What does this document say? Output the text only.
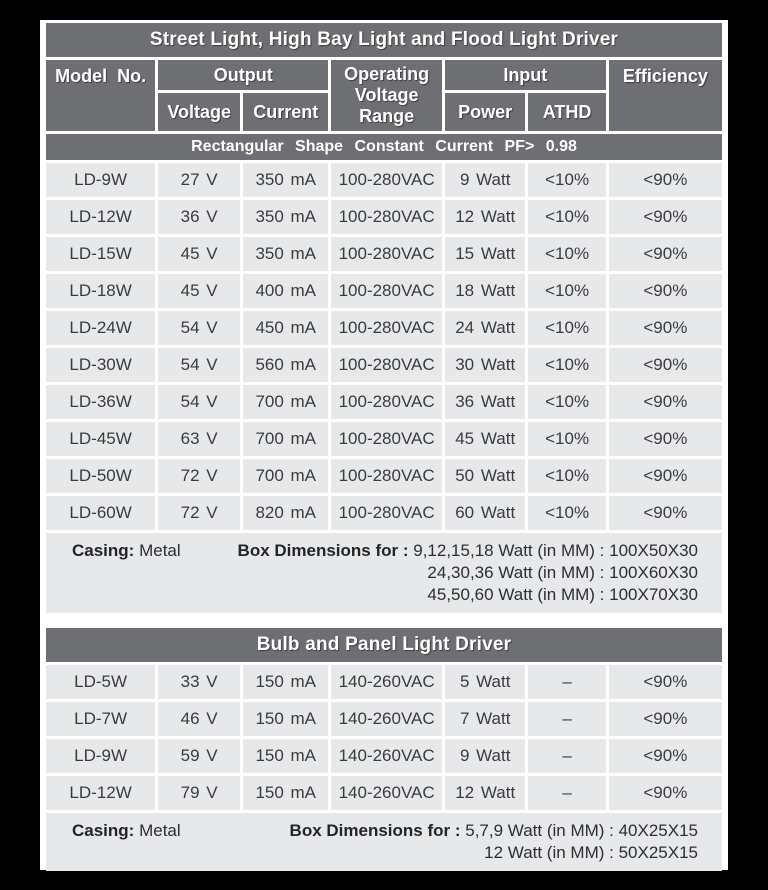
Street Light, High Bay Light and Flood Light Driver						
Model No.	Output		Operating Voltage Range	Input		Efficiency
	Voltage	Current		Power	ATHD	
Rectangular Shape Constant Current PF> 0.98						
LD-9W	27 V	350 mA	100-280VAC	9 Watt	<10%	<90%
LD-12W	36 V	350 mA	100-280VAC	12 Watt	<10%	<90%
LD-15W	45 V	350 mA	100-280VAC	15 Watt	<10%	<90%
LD-18W	45 V	400 mA	100-280VAC	18 Watt	<10%	<90%
LD-24W	54 V	450 mA	100-280VAC	24 Watt	<10%	<90%
LD-30W	54 V	560 mA	100-280VAC	30 Watt	<10%	<90%
LD-36W	54 V	700 mA	100-280VAC	36 Watt	<10%	<90%
LD-45W	63 V	700 mA	100-280VAC	45 Watt	<10%	<90%
LD-50W	72 V	700 mA	100-280VAC	50 Watt	<10%	<90%
LD-60W	72 V	820 mA	100-280VAC	60 Watt	<10%	<90%
Casing: Metal	Box Dimensions for : 9,12,15,18 Watt (in MM) : 100X50X30
24,30,36 Watt (in MM) : 100X60X30
45,50,60 Watt (in MM) : 100X70X30
Bulb and Panel Light Driver						
LD-5W	33 V	150 mA	140-260VAC	5 Watt	–	<90%
LD-7W	46 V	150 mA	140-260VAC	7 Watt	–	<90%
LD-9W	59 V	150 mA	140-260VAC	9 Watt	–	<90%
LD-12W	79 V	150 mA	140-260VAC	12 Watt	–	<90%
Casing: Metal	Box Dimensions for : 5,7,9 Watt (in MM) : 40X25X15
12 Watt (in MM) : 50X25X15
